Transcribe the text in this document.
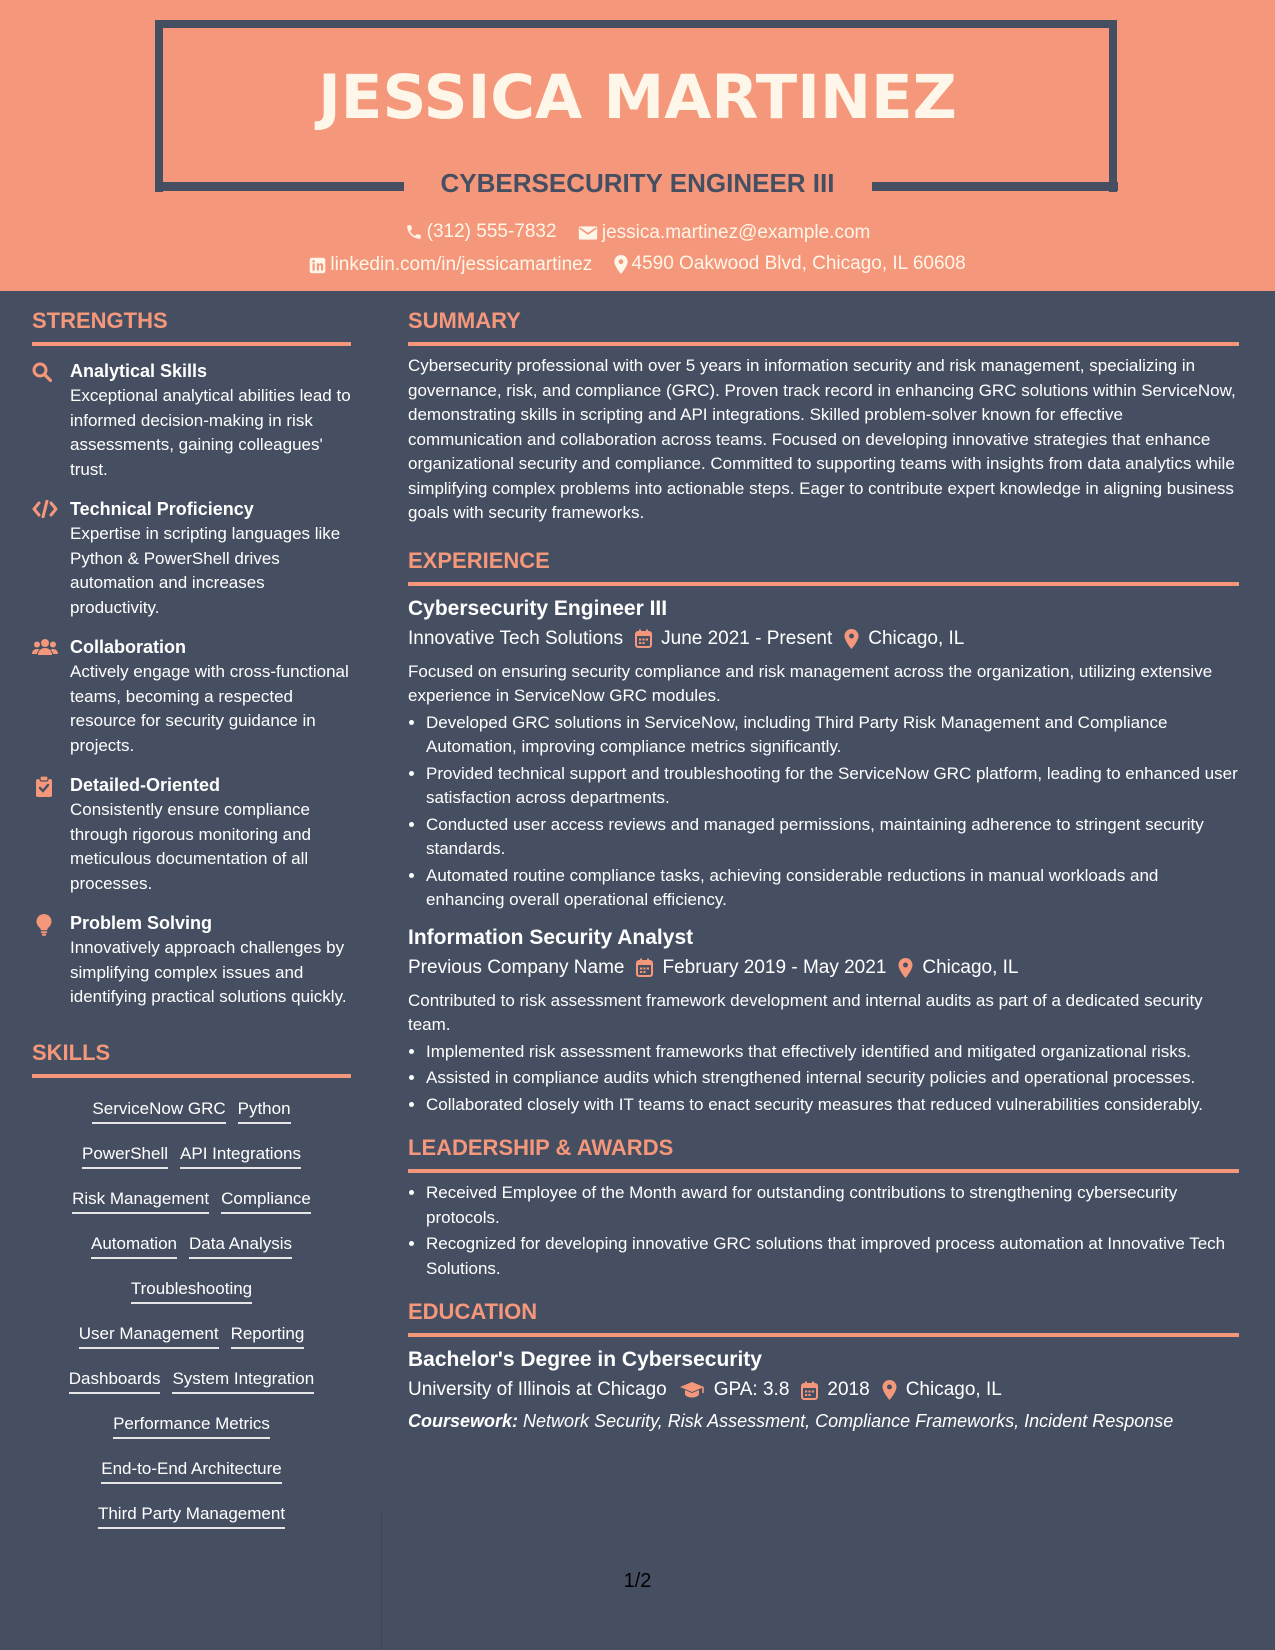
JESSICA MARTINEZ
CYBERSECURITY ENGINEER III
(312) 555-7832
jessica.martinez@example.com
linkedin.com/in/jessicamartinez
4590 Oakwood Blvd, Chicago, IL 60608
STRENGTHS
Analytical Skills
Exceptional analytical abilities lead to informed decision-making in risk assessments, gaining colleagues' trust.
Technical Proficiency
Expertise in scripting languages like Python & PowerShell drives automation and increases productivity.
Collaboration
Actively engage with cross-functional teams, becoming a respected resource for security guidance in projects.
Detailed-Oriented
Consistently ensure compliance through rigorous monitoring and meticulous documentation of all processes.
Problem Solving
Innovatively approach challenges by simplifying complex issues and identifying practical solutions quickly.
SKILLS
ServiceNow GRC Python
PowerShell API Integrations
Risk Management Compliance
Automation Data Analysis
Troubleshooting
User Management Reporting
Dashboards System Integration
Performance Metrics
End-to-End Architecture
Third Party Management
SUMMARY
Cybersecurity professional with over 5 years in information security and risk management, specializing in governance, risk, and compliance (GRC). Proven track record in enhancing GRC solutions within ServiceNow, demonstrating skills in scripting and API integrations. Skilled problem-solver known for effective communication and collaboration across teams. Focused on developing innovative strategies that enhance organizational security and compliance. Committed to supporting teams with insights from data analytics while simplifying complex problems into actionable steps. Eager to contribute expert knowledge in aligning business goals with security frameworks.
EXPERIENCE
Cybersecurity Engineer III
Innovative Tech Solutions June 2021 - Present Chicago, IL
Focused on ensuring security compliance and risk management across the organization, utilizing extensive experience in ServiceNow GRC modules.
• Developed GRC solutions in ServiceNow, including Third Party Risk Management and Compliance Automation, improving compliance metrics significantly.
• Provided technical support and troubleshooting for the ServiceNow GRC platform, leading to enhanced user satisfaction across departments.
• Conducted user access reviews and managed permissions, maintaining adherence to stringent security standards.
• Automated routine compliance tasks, achieving considerable reductions in manual workloads and enhancing overall operational efficiency.
Information Security Analyst
Previous Company Name February 2019 - May 2021 Chicago, IL
Contributed to risk assessment framework development and internal audits as part of a dedicated security team.
• Implemented risk assessment frameworks that effectively identified and mitigated organizational risks.
• Assisted in compliance audits which strengthened internal security policies and operational processes.
• Collaborated closely with IT teams to enact security measures that reduced vulnerabilities considerably.
LEADERSHIP & AWARDS
• Received Employee of the Month award for outstanding contributions to strengthening cybersecurity protocols.
• Recognized for developing innovative GRC solutions that improved process automation at Innovative Tech Solutions.
EDUCATION
Bachelor's Degree in Cybersecurity
University of Illinois at Chicago GPA: 3.8 2018 Chicago, IL
Coursework: Network Security, Risk Assessment, Compliance Frameworks, Incident Response
1/2
